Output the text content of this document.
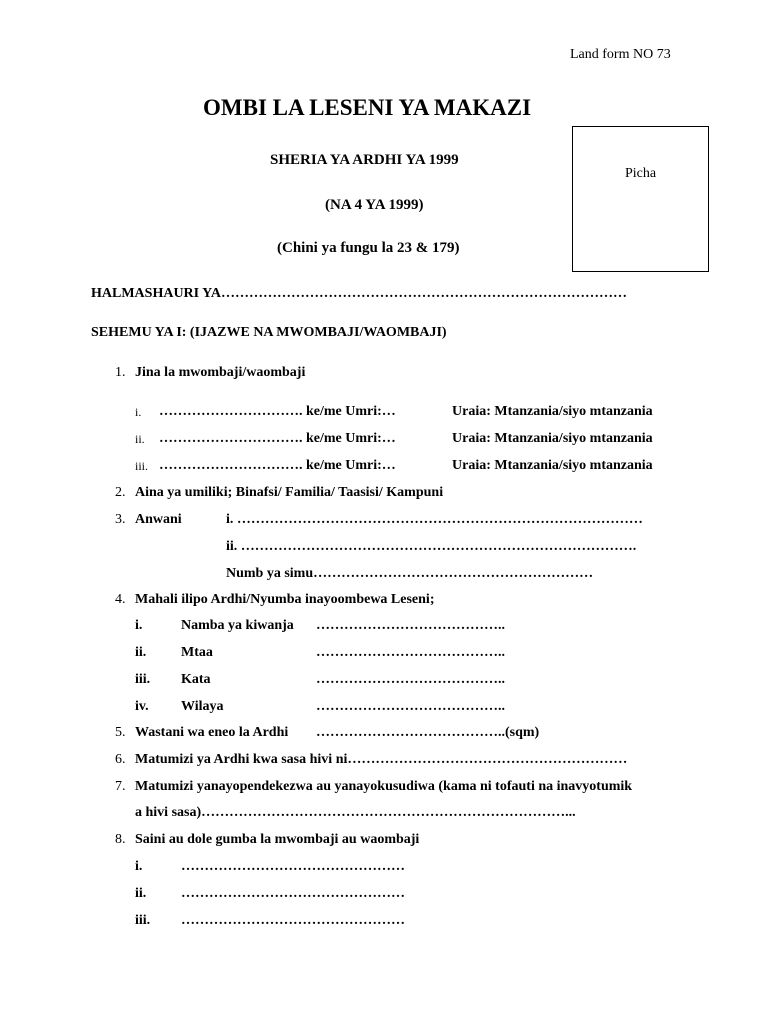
Land form NO 73
OMBI LA LESENI YA MAKAZI
SHERIA YA ARDHI YA 1999
(NA 4 YA 1999)
(Chini ya fungu la 23 & 179)
Picha
HALMASHAURI YA……………………………………………………………………………
SEHEMU YA I: (IJAZWE NA MWOMBAJI/WAOMBAJI)
1. Jina la mwombaji/waombaji
i. …………………………. ke/me Umri:…	Uraia: Mtanzania/siyo mtanzania
ii. …………………………. ke/me Umri:…	Uraia: Mtanzania/siyo mtanzania
iii. …………………………. ke/me Umri:…	Uraia: Mtanzania/siyo mtanzania
2. Aina ya umiliki; Binafsi/ Familia/ Taasisi/ Kampuni
3. Anwani	i. ……………………………………………………………………………
ii. ………………………………………………………………………….
Numb ya simu……………………………………………………
4. Mahali ilipo Ardhi/Nyumba inayoombewa Leseni;
i.	Namba ya kiwanja …………………………………..
ii. Mtaa	…………………………………..
iii. Kata	…………………………………..
iv. Wilaya	…………………………………..
5. Wastani wa eneo la Ardhi …………………………………..(sqm)
6. Matumizi ya Ardhi kwa sasa hivi ni……………………………………………………
7. Matumizi yanayopendekezwa au yanayokusudiwa (kama ni tofauti na inavyotumik
a hivi sasa)……………………………………………………………………...
8. Saini au dole gumba la mwombaji au waombaji
i.	…………………………………………
ii. …………………………………………
iii. …………………………………………
